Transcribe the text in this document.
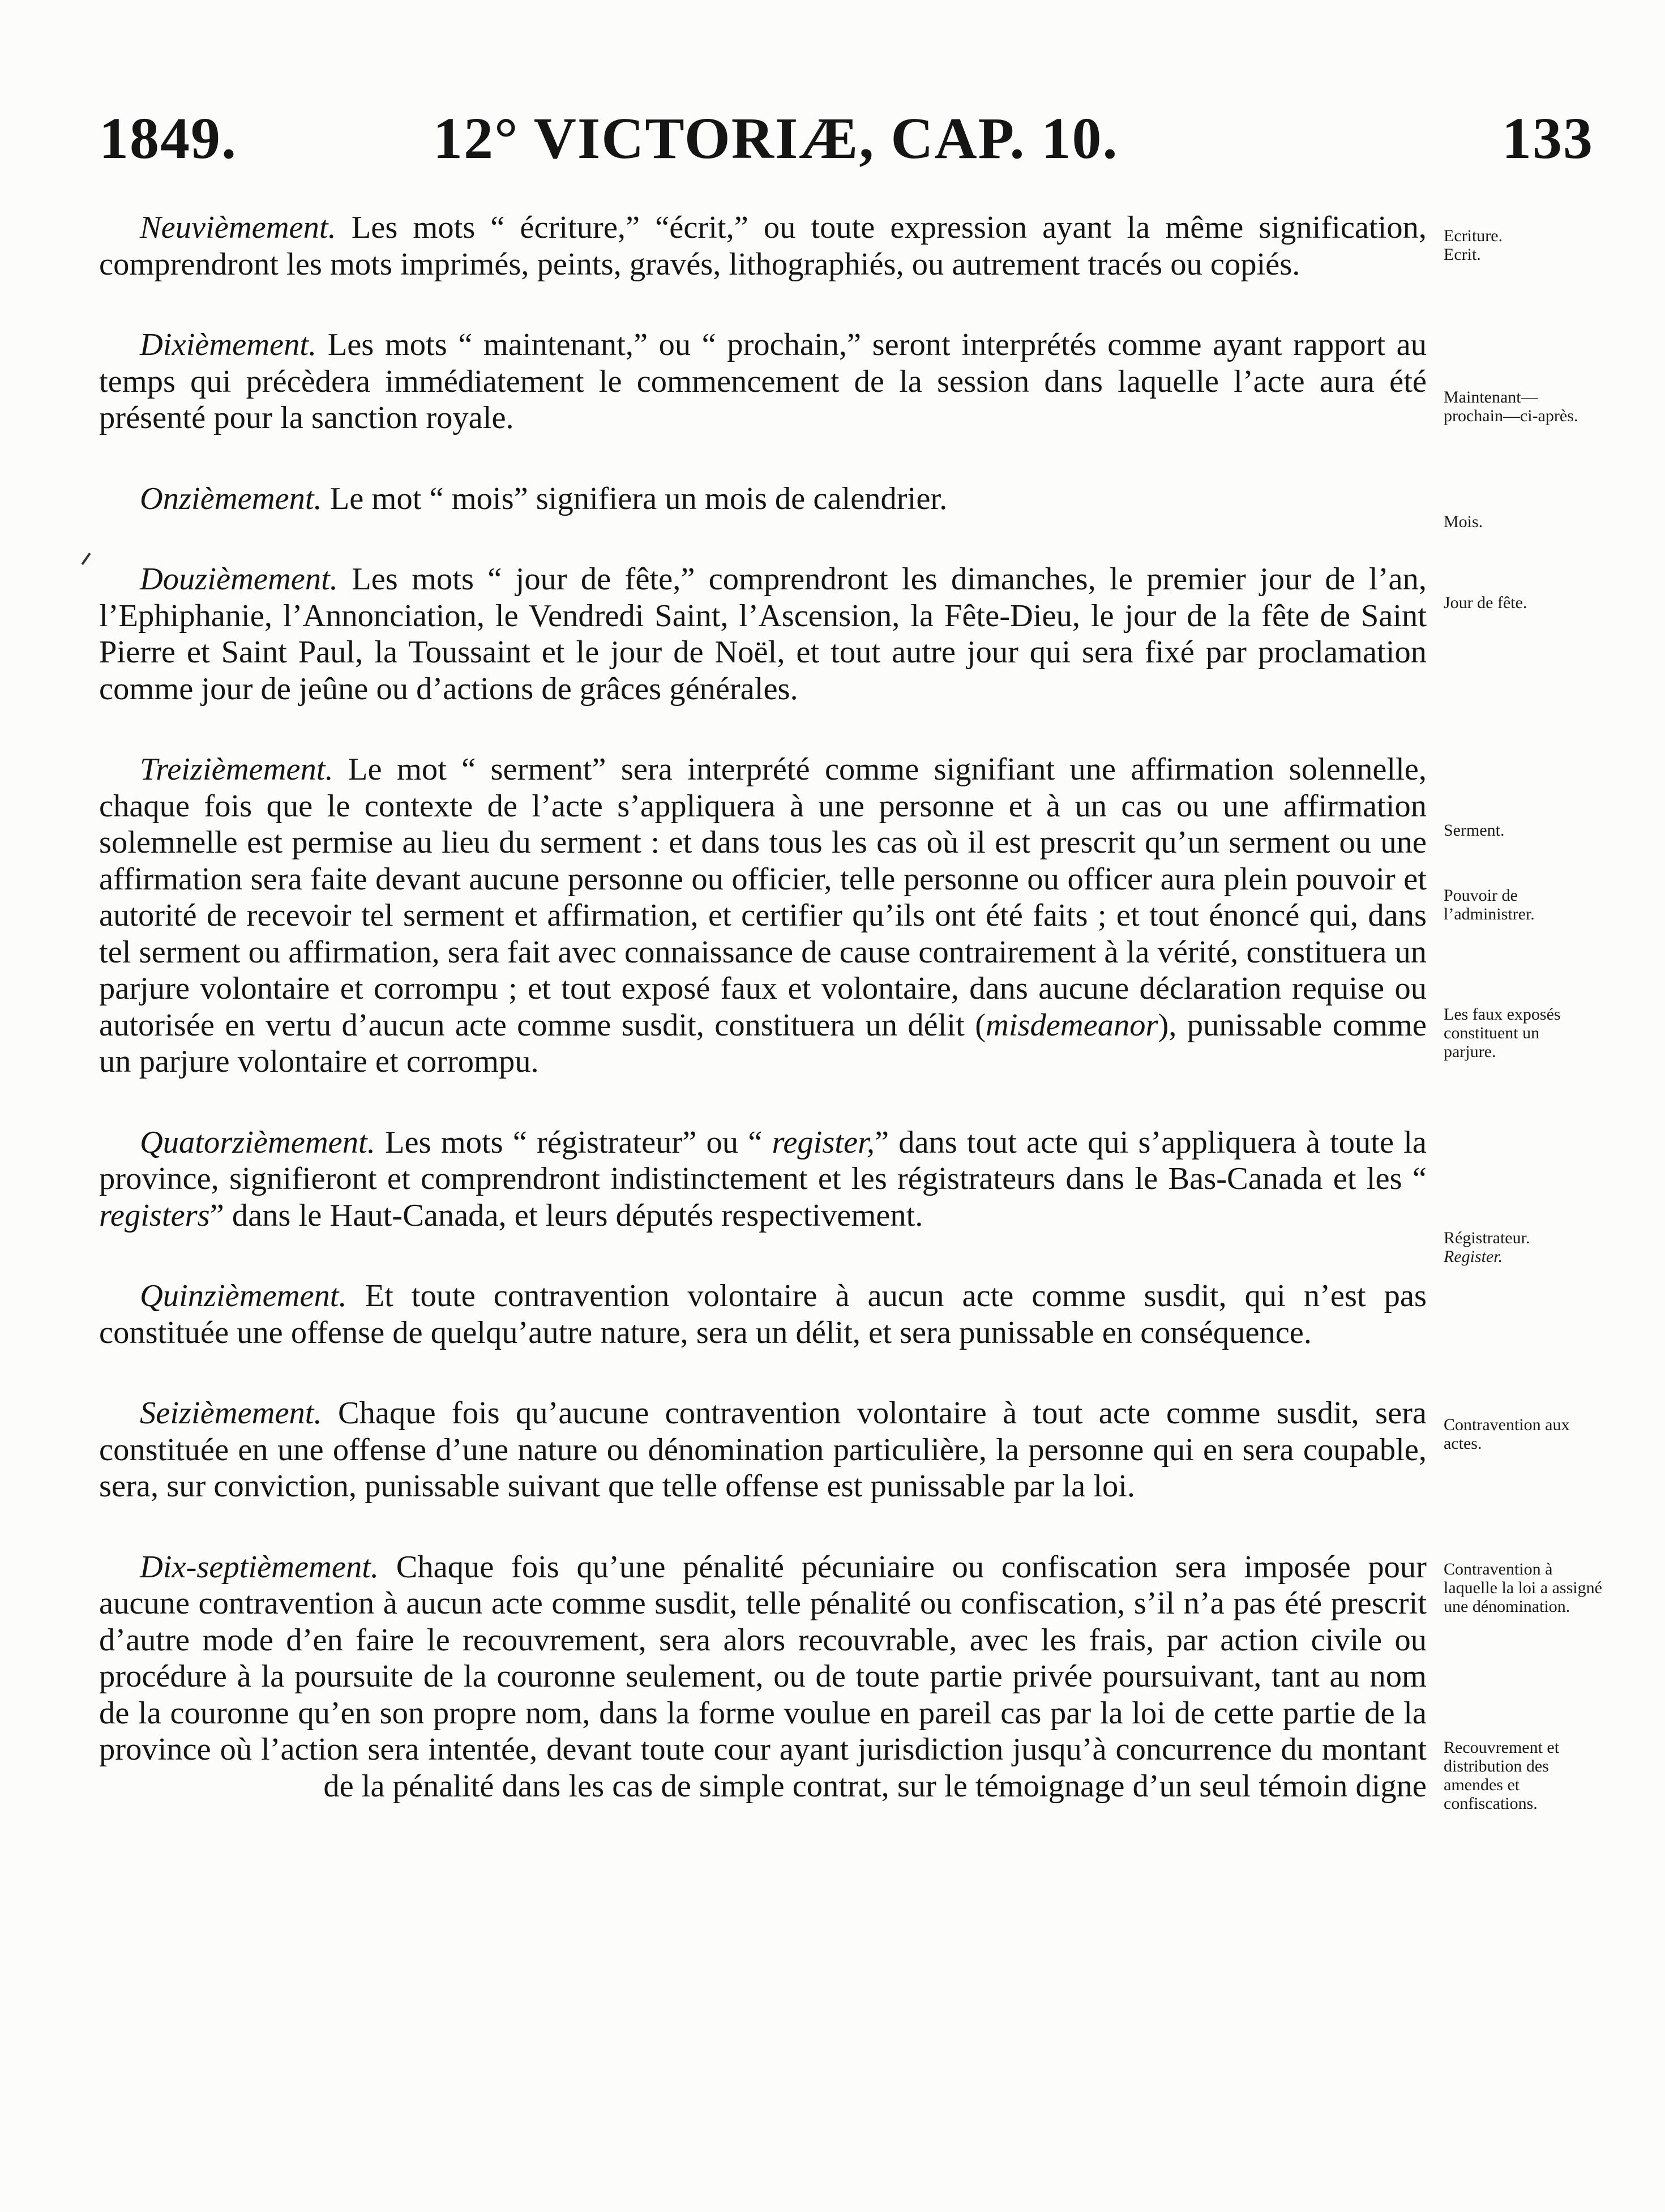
1849.	12° VICTORIÆ, CAP. 10.	133

Neuvièmement. Les mots “ écriture,” “écrit,” ou toute expression ayant la même signification, comprendront les mots imprimés, peints, gravés, lithographiés, ou autrement tracés ou copiés.

Dixièmement. Les mots “ maintenant,” ou “ prochain,” seront interprétés comme ayant rapport au temps qui précèdera immédiatement le commencement de la session dans laquelle l’acte aura été présenté pour la sanction royale.

Onzièmement. Le mot “ mois” signifiera un mois de calendrier.

Douzièmement. Les mots “ jour de fête,” comprendront les dimanches, le premier jour de l’an, l’Ephiphanie, l’Annonciation, le Vendredi Saint, l’Ascension, la Fête-Dieu, le jour de la fête de Saint Pierre et Saint Paul, la Toussaint et le jour de Noël, et tout autre jour qui sera fixé par proclamation comme jour de jeûne ou d’actions de grâces générales.

Treizièmement. Le mot “ serment” sera interprété comme signifiant une affirmation solennelle, chaque fois que le contexte de l’acte s’appliquera à une personne et à un cas ou une affirmation solemnelle est permise au lieu du serment : et dans tous les cas où il est prescrit qu’un serment ou une affirmation sera faite devant aucune personne ou officier, telle personne ou officer aura plein pouvoir et autorité de recevoir tel serment et affirmation, et certifier qu’ils ont été faits ; et tout énoncé qui, dans tel serment ou affirmation, sera fait avec connaissance de cause contrairement à la vérité, constituera un parjure volontaire et corrompu ; et tout exposé faux et volontaire, dans aucune déclaration requise ou autorisée en vertu d’aucun acte comme susdit, constituera un délit (misdemeanor), punissable comme un parjure volontaire et corrompu.

Quatorzièmement. Les mots “ régistrateur” ou “ register,” dans tout acte qui s’appliquera à toute la province, signifieront et comprendront indistinctement et les régistrateurs dans le Bas-Canada et les “ registers” dans le Haut-Canada, et leurs députés respectivement.

Quinzièmement. Et toute contravention volontaire à aucun acte comme susdit, qui n’est pas constituée une offense de quelqu’autre nature, sera un délit, et sera punissable en conséquence.

Seizièmement. Chaque fois qu’aucune contravention volontaire à tout acte comme susdit, sera constituée en une offense d’une nature ou dénomination particulière, la personne qui en sera coupable, sera, sur conviction, punissable suivant que telle offense est punissable par la loi.

Dix-septièmement. Chaque fois qu’une pénalité pécuniaire ou confiscation sera imposée pour aucune contravention à aucun acte comme susdit, telle pénalité ou confiscation, s’il n’a pas été prescrit d’autre mode d’en faire le recouvrement, sera alors recouvrable, avec les frais, par action civile ou procédure à la poursuite de la couronne seulement, ou de toute partie privée poursuivant, tant au nom de la couronne qu’en son propre nom, dans la forme voulue en pareil cas par la loi de cette partie de la province où l’action sera intentée, devant toute cour ayant jurisdiction jusqu’à concurrence du montant de la pénalité dans les cas de simple contrat, sur le témoignage d’un seul témoin digne

Ecriture. Ecrit.
Maintenant—prochain—ci-après.
Mois.
Jour de fête.
Serment.
Pouvoir de l’administrer.
Les faux exposés constituent un parjure.
Régistrateur.
Register.
Contravention aux actes.
Contravention à laquelle la loi a assigné une dénomination.
Recouvrement et distribution des amendes et confiscations.
